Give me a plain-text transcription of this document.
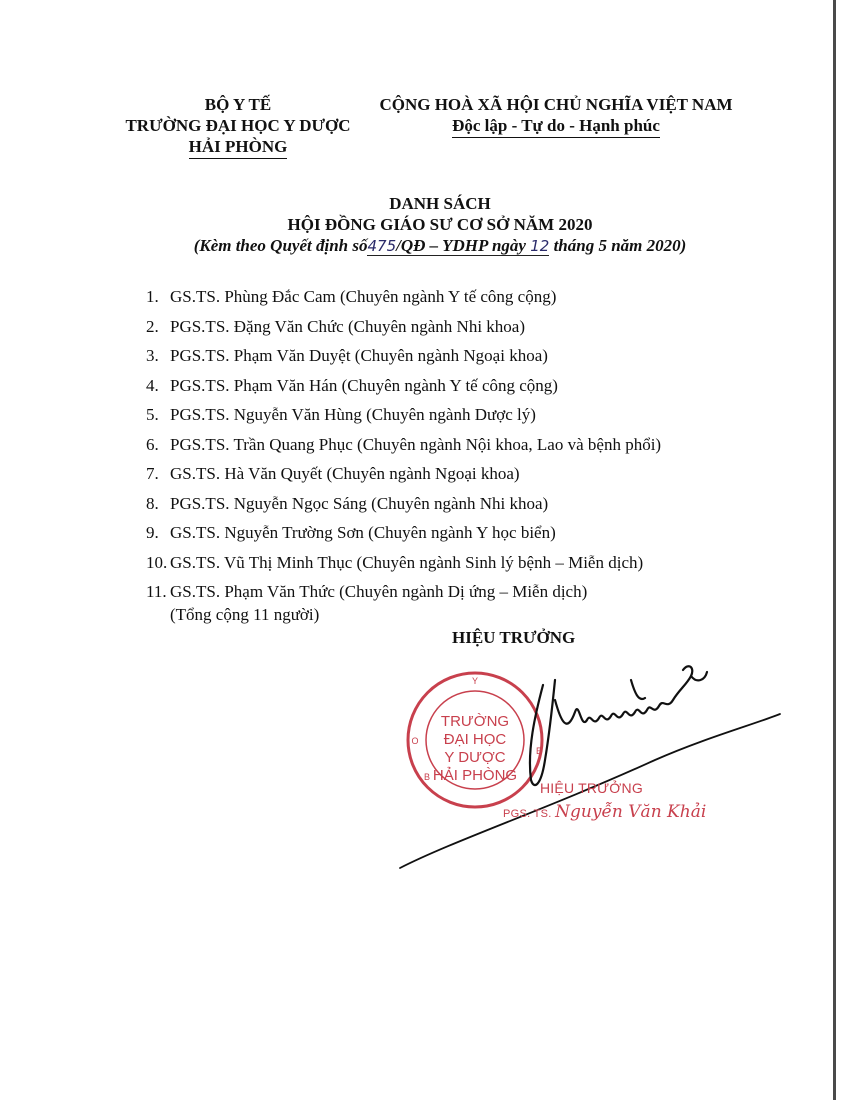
BỘ Y TẾ
TRƯỜNG ĐẠI HỌC Y DƯỢC
HẢI PHÒNG
CỘNG HOÀ XÃ HỘI CHỦ NGHĨA VIỆT NAM
Độc lập - Tự do - Hạnh phúc
DANH SÁCH
HỘI ĐỒNG GIÁO SƯ CƠ SỞ NĂM 2020
(Kèm theo Quyết định số475/QĐ – YDHP ngày 12 tháng 5 năm 2020)
1. GS.TS. Phùng Đắc Cam (Chuyên ngành Y tế công cộng)
2. PGS.TS. Đặng Văn Chức (Chuyên ngành Nhi khoa)
3. PGS.TS. Phạm Văn Duyệt (Chuyên ngành Ngoại khoa)
4. PGS.TS. Phạm Văn Hán (Chuyên ngành Y tế công cộng)
5. PGS.TS. Nguyễn Văn Hùng (Chuyên ngành Dược lý)
6. PGS.TS. Trần Quang Phục (Chuyên ngành Nội khoa, Lao và bệnh phổi)
7. GS.TS. Hà Văn Quyết (Chuyên ngành Ngoại khoa)
8. PGS.TS. Nguyễn Ngọc Sáng (Chuyên ngành Nhi khoa)
9. GS.TS. Nguyễn Trường Sơn (Chuyên ngành Y học biển)
10. GS.TS. Vũ Thị Minh Thục (Chuyên ngành Sinh lý bệnh – Miễn dịch)
11. GS.TS. Phạm Văn Thức (Chuyên ngành Dị ứng – Miễn dịch)
(Tổng cộng 11 người)
HIỆU TRƯỞNG
Y
B
O
E
TRƯỜNG
ĐẠI HỌC
Y DƯỢC
HẢI PHÒNG
HIỆU TRƯỞNG
PGS. TS. Nguyễn Văn Khải
